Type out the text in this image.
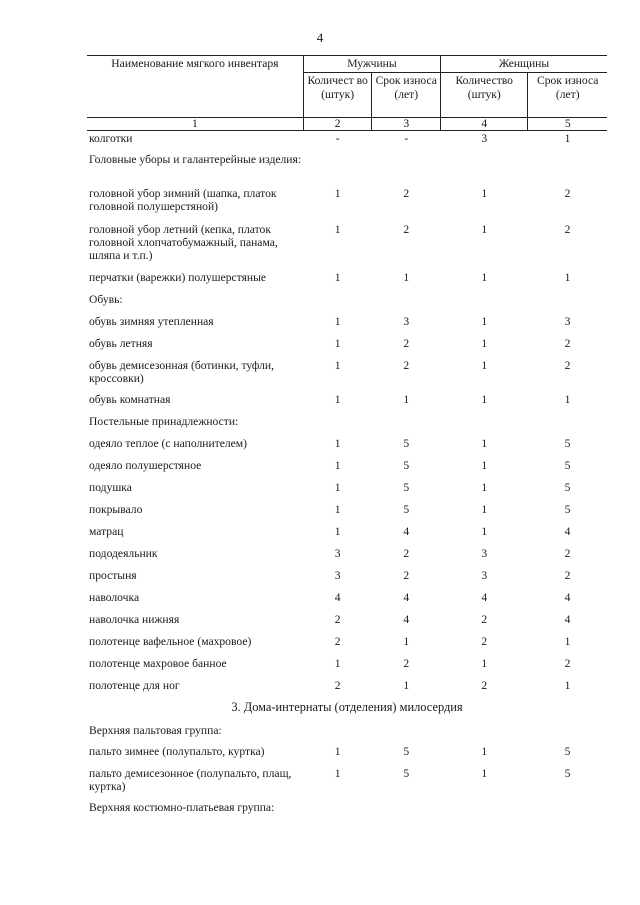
4
Наименование мягкого инвентаря	Мужчины		Женщины	
	Количест во (штук)	Срок износа (лет)	Количество (штук)	Срок износа (лет)
1	2	3	4	5
колготки	-	-	3	1
Головные уборы и галантерейные изделия:				
головной убор зимний (шапка, платок головной полушерстяной)	1	2	1	2
головной убор летний (кепка, платок головной хлопчатобумажный, панама, шляпа и т.п.)	1	2	1	2
перчатки (варежки) полушерстяные	1	1	1	1
Обувь:				
обувь зимняя утепленная	1	3	1	3
обувь летняя	1	2	1	2
обувь демисезонная (ботинки, туфли, кроссовки)	1	2	1	2
обувь комнатная	1	1	1	1
Постельные принадлежности:				
одеяло теплое (с наполнителем)	1	5	1	5
одеяло полушерстяное	1	5	1	5
подушка	1	5	1	5
покрывало	1	5	1	5
матрац	1	4	1	4
пододеяльник	3	2	3	2
простыня	3	2	3	2
наволочка	4	4	4	4
наволочка нижняя	2	4	2	4
полотенце вафельное (махровое)	2	1	2	1
полотенце махровое банное	1	2	1	2
полотенце для ног	2	1	2	1
3. Дома-интернаты (отделения) милосердия				
Верхняя пальтовая группа:				
пальто зимнее (полупальто, куртка)	1	5	1	5
пальто демисезонное (полупальто, плащ, куртка)	1	5	1	5
Верхняя костюмно-платьевая группа:				
